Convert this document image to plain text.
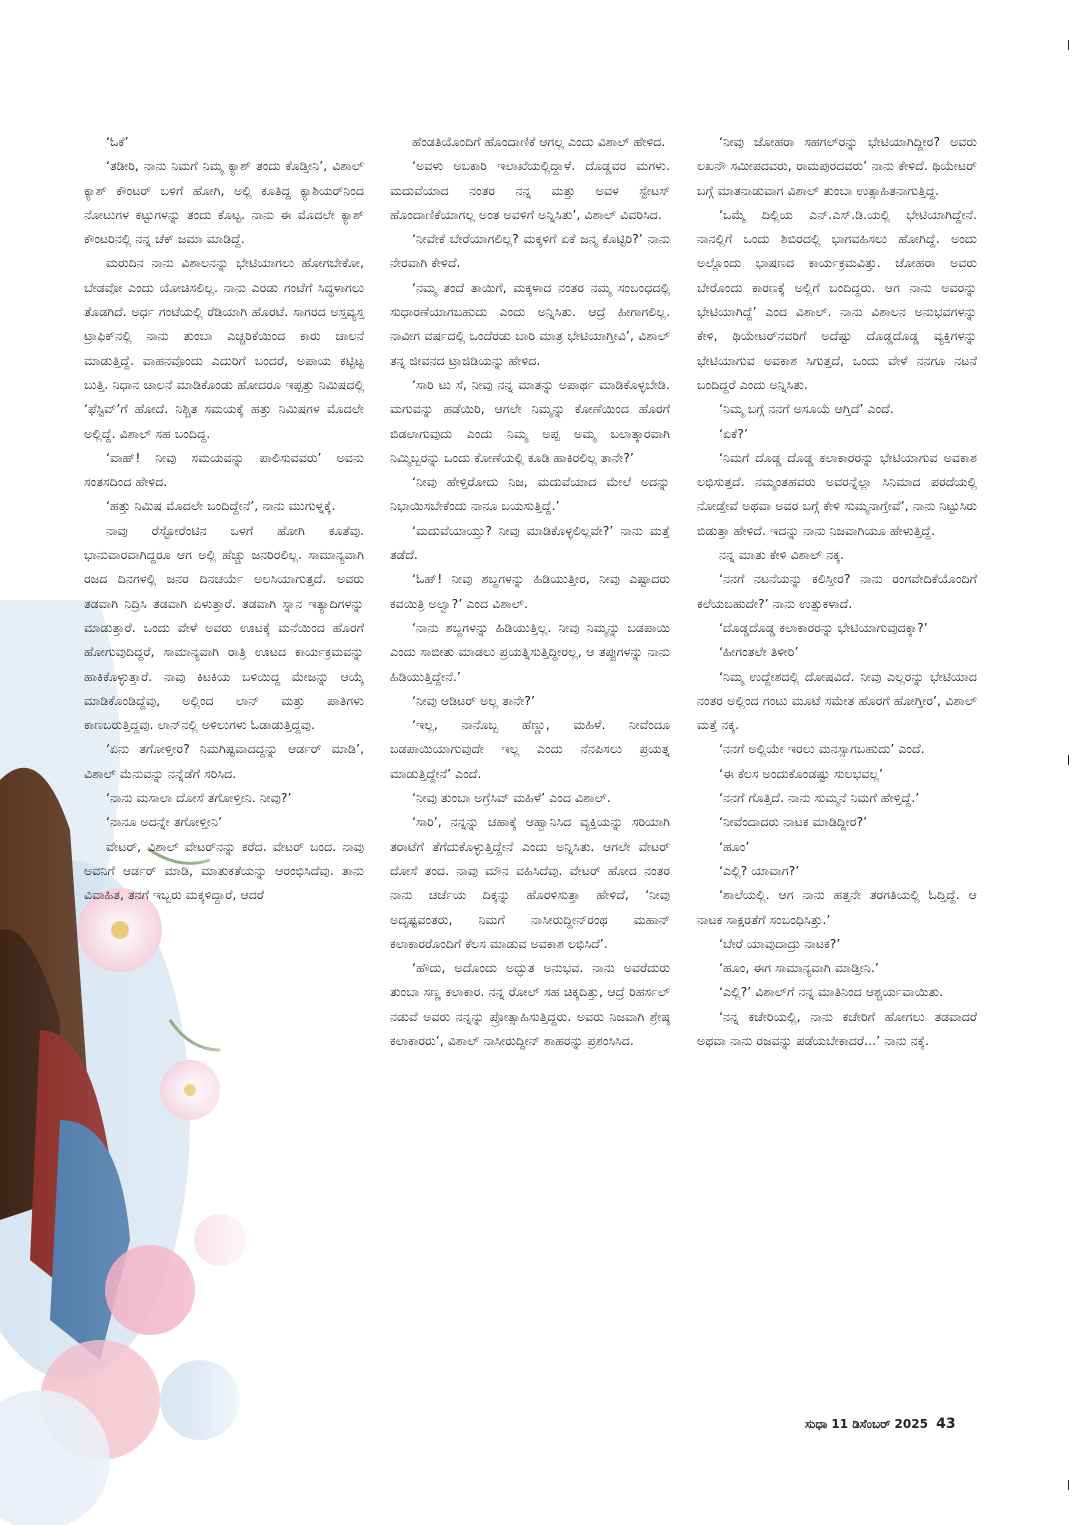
‘ಓಕೆ’

‘ತಡೀರಿ, ನಾನು ನಿಮಗೆ ನಿಮ್ಮ ಕ್ಯಾಶ್ ತಂದು ಕೊಡ್ತೀನಿ’, ವಿಶಾಲ್ ಕ್ಯಾಶ್ ಕೌಂಟರ್ ಬಳಿಗೆ ಹೋಗಿ, ಅಲ್ಲಿ ಕೂತಿದ್ದ ಕ್ಯಾಶಿಯರ್‌ನಿಂದ ನೋಟುಗಳ ಕಟ್ಟುಗಳನ್ನು ತಂದು ಕೊಟ್ಟ. ನಾನು ಈ ಮೊದಲೇ ಕ್ಯಾಶ್ ಕೌಂಟರಿನಲ್ಲಿ ನನ್ನ ಚೆಕ್ ಜಮಾ ಮಾಡಿದ್ದೆ.

ಮರುದಿನ ನಾನು ವಿಶಾಲನನ್ನು ಭೇಟಿಯಾಗಲು ಹೋಗಬೇಕೋ, ಬೇಡವೋ ಎಂದು ಯೋಚಿಸಲಿಲ್ಲ. ನಾನು ಎರಡು ಗಂಟೆಗೆ ಸಿದ್ಧಳಾಗಲು ತೊಡಗಿದೆ. ಅರ್ಧ ಗಂಟೆಯಲ್ಲಿ ರೆಡಿಯಾಗಿ ಹೊರಟೆ. ಸಾಗರದ ಅಸ್ತವ್ಯಸ್ತ ಟ್ರಾಫಿಕ್‌ನಲ್ಲಿ ನಾನು ತುಂಬಾ ಎಚ್ಚರಿಕೆಯಿಂದ ಕಾರು ಚಾಲನೆ ಮಾಡುತ್ತಿದ್ದೆ. ವಾಹನವೊಂದು ಎದುರಿಗೆ ಬಂದರೆ, ಅಪಾಯ ಕಟ್ಟಿಟ್ಟ ಬುತ್ತಿ. ನಿಧಾನ ಚಾಲನೆ ಮಾಡಿಕೊಂಡು ಹೋದರೂ ಇಪ್ಪತ್ತು ನಿಮಿಷದಲ್ಲಿ ‘ಫೆಸ್ಟಿವ್’ಗೆ ಹೋದೆ. ನಿಶ್ಚಿತ ಸಮಯಕ್ಕೆ ಹತ್ತು ನಿಮಿಷಗಳ ಮೊದಲೇ ಅಲ್ಲಿದ್ದೆ. ವಿಶಾಲ್ ಸಹ ಬಂದಿದ್ದ.

‘ವಾಹ್! ನೀವು ಸಮಯವನ್ನು ಪಾಲಿಸುವವರು’ ಅವನು ಸಂತಸದಿಂದ ಹೇಳಿದ.

‘ಹತ್ತು ನಿಮಿಷ ಮೊದಲೇ ಬಂದಿದ್ದೇನೆ’, ನಾನು ಮುಗುಳ್ನಕ್ಕೆ.

ನಾವು ರೆಸ್ಟೋರೆಂಟಿನ ಒಳಗೆ ಹೋಗಿ ಕೂತೆವು. ಭಾನುವಾರವಾಗಿದ್ದರೂ ಆಗ ಅಲ್ಲಿ ಹೆಚ್ಚು ಜನರಿರಲಿಲ್ಲ. ಸಾಮಾನ್ಯವಾಗಿ ರಜದ ದಿನಗಳಲ್ಲಿ ಜನರ ದಿನಚರ್ಯೆ ಅಲಸಿಯಾಗುತ್ತದೆ. ಅವರು ತಡವಾಗಿ ನಿದ್ರಿಸಿ ತಡವಾಗಿ ಏಳುತ್ತಾರೆ. ತಡವಾಗಿ ಸ್ನಾನ ಇತ್ಯಾದಿಗಳನ್ನು ಮಾಡುತ್ತಾರೆ. ಒಂದು ವೇಳೆ ಅವರು ಊಟಕ್ಕೆ ಮನೆಯಿಂದ ಹೊರಗೆ ಹೋಗುವುದಿದ್ದರೆ, ಸಾಮಾನ್ಯವಾಗಿ ರಾತ್ರಿ ಊಟದ ಕಾರ್ಯಕ್ರಮವನ್ನು ಹಾಕಿಕೊಳ್ಳುತ್ತಾರೆ. ನಾವು ಕಿಟಕಿಯ ಬಳಿಯಿದ್ದ ಮೇಜನ್ನು ಆಯ್ಕೆ ಮಾಡಿಕೊಂಡಿದ್ದೆವು, ಅಲ್ಲಿಂದ ಲಾನ್ ಮತ್ತು ಪಾತಿಗಳು ಕಾಣಬರುತ್ತಿದ್ದವು. ಲಾನ್‌ನಲ್ಲಿ ಅಳಿಲುಗಳು ಓಡಾಡುತ್ತಿದ್ದವು.

‘ಏನು ತಗೋಳ್ತೀರ? ನಿಮಗಿಷ್ಟವಾದದ್ದನ್ನು ಆರ್ಡರ್ ಮಾಡಿ’, ವಿಶಾಲ್ ಮೆನುವನ್ನು ನನ್ನೆಡೆಗೆ ಸರಿಸಿದ.

‘ನಾನು ಮಸಾಲಾ ದೋಸೆ ತಗೋಳ್ತೀನಿ. ನೀವು?’

‘ನಾನೂ ಅದನ್ನೇ ತಗೋಳ್ತೀನಿ’

ವೇಟರ್, ವಿಶಾಲ್ ವೇಟರ್‌ನನ್ನು ಕರೆದ. ವೇಟರ್ ಬಂದ. ನಾವು ಅವನಿಗೆ ಆರ್ಡರ್ ಮಾಡಿ, ಮಾತುಕತೆಯನ್ನು ಆರಂಭಿಸಿದೆವು. ತಾನು ವಿವಾಹಿತ, ತನಗೆ ಇಬ್ಬರು ಮಕ್ಕಳಿದ್ದಾರೆ, ಆದರೆ

ಹೆಂಡತಿಯೊಂದಿಗೆ ಹೊಂದಾಣಿಕೆ ಆಗಲ್ಲ ಎಂದು ವಿಶಾಲ್ ಹೇಳಿದ.

‘ಅವಳು ಅಬಕಾರಿ ಇಲಾಖೆಯಲ್ಲಿದ್ದಾಳೆ. ದೊಡ್ಡವರ ಮಗಳು. ಮದುವೆಯಾದ ನಂತರ ನನ್ನ ಮತ್ತು ಅವಳ ಸ್ಟೇಟಸ್ ಹೊಂದಾಣಿಕೆಯಾಗಲ್ಲ ಅಂತ ಅವಳಿಗೆ ಅನ್ನಿಸಿತು’, ವಿಶಾಲ್ ವಿವರಿಸಿದ.

‘ನೀವೇಕೆ ಬೇರೆಯಾಗಲಿಲ್ಲ? ಮಕ್ಕಳಿಗೆ ಏಕೆ ಜನ್ಮ ಕೊಟ್ಟಿರಿ?’ ನಾನು ನೇರವಾಗಿ ಕೇಳಿದೆ.

‘ನಮ್ಮ ತಂದೆ ತಾಯಿಗೆ, ಮಕ್ಕಳಾದ ನಂತರ ನಮ್ಮ ಸಂಬಂಧದಲ್ಲಿ ಸುಧಾರಣೆಯಾಗಬಹುದು ಎಂದು ಅನ್ನಿಸಿತು. ಆದ್ರೆ ಹೀಗಾಗಲಿಲ್ಲ. ನಾವೀಗ ವರ್ಷದಲ್ಲಿ ಒಂದೆರಡು ಬಾರಿ ಮಾತ್ರ ಭೇಟಿಯಾಗ್ತೀವಿ’, ವಿಶಾಲ್ ತನ್ನ ಜೀವನದ ಟ್ರಾಜಿಡಿಯನ್ನು ಹೇಳಿದ.

‘ಸಾರಿ ಟು ಸೆ, ನೀವು ನನ್ನ ಮಾತನ್ನು ಅಪಾರ್ಥ ಮಾಡಿಕೊಳ್ಳಬೇಡಿ. ಮಗುವನ್ನು ಹಡೆಯಿರಿ, ಆಗಲೇ ನಿಮ್ಮನ್ನು ಕೋಣೆಯಿಂದ ಹೊರಗೆ ಬಿಡಲಾಗುವುದು ಎಂದು ನಿಮ್ಮ ಅಪ್ಪ ಅಮ್ಮ ಬಲಾತ್ಕಾರವಾಗಿ ನಿಮ್ಮಿಬ್ಬರನ್ನು ಒಂದು ಕೋಣೆಯಲ್ಲಿ ಕೂಡಿ ಹಾಕಿರಲಿಲ್ಲ ತಾನೇ?’

‘ನೀವು ಹೇಳ್ತಿರೋದು ನಿಜ, ಮದುವೆಯಾದ ಮೇಲೆ ಅದನ್ನು ನಿಭಾಯಿಸಬೇಕೆಂದು ನಾನೂ ಬಯಸುತ್ತಿದ್ದೆ.’

‘ಮದುವೆಯಾಯ್ತು? ನೀವು ಮಾಡಿಕೊಳ್ಳಲಿಲ್ಲವೇ?’ ನಾನು ಮತ್ತೆ ತಡೆದೆ.

‘ಓಹ್! ನೀವು ಶಬ್ದಗಳನ್ನು ಹಿಡಿಯುತ್ತೀರ, ನೀವು ಎಷ್ಟಾದರು ಕವಯಿತ್ರಿ ಅಲ್ವಾ?’ ಎಂದ ವಿಶಾಲ್.

‘ನಾನು ಶಬ್ದಗಳನ್ನು ಹಿಡಿಯುತ್ತಿಲ್ಲ. ನೀವು ನಿಮ್ಮನ್ನು ಬಡಪಾಯಿ ಎಂದು ಸಾಬೀತು ಮಾಡಲು ಪ್ರಯತ್ನಿಸುತ್ತಿದ್ದೀರಲ್ಲ, ಆ ತಪ್ಪುಗಳನ್ನು ನಾನು ಹಿಡಿಯುತ್ತಿದ್ದೇನೆ.’

‘ನೀವು ಆಡಿಟರ್ ಅಲ್ಲ ತಾನೇ?’

‘ಇಲ್ಲ, ನಾನೊಬ್ಬ ಹೆಣ್ಣು, ಮಹಿಳೆ. ನೀವೆಂದೂ ಬಡಪಾಯಿಯಾಗುವುದೇ ಇಲ್ಲ ಎಂದು ನೆನಪಿಸಲು ಪ್ರಯತ್ನ ಮಾಡುತ್ತಿದ್ದೇನೆ’ ಎಂದೆ.

‘ನೀವು ತುಂಬಾ ಅಗ್ರೆಸಿವ್ ಮಹಿಳೆ’ ಎಂದ ವಿಶಾಲ್.

‘ಸಾರಿ’, ನನ್ನನ್ನು ಚಹಾಕ್ಕೆ ಆಹ್ವಾನಿಸಿದ ವ್ಯಕ್ತಿಯನ್ನು ಸರಿಯಾಗಿ ತರಾಟೆಗೆ ತೆಗೆದುಕೊಳ್ಳುತ್ತಿದ್ದೇನೆ ಎಂದು ಅನ್ನಿಸಿತು. ಆಗಲೇ ವೇಟರ್ ದೋಸೆ ತಂದ. ನಾವು ಮೌನ ವಹಿಸಿದೆವು. ವೇಟರ್ ಹೋದ ನಂತರ ನಾನು ಚರ್ಚೆಯ ದಿಕ್ಕನ್ನು ಹೊರಳಿಸುತ್ತಾ ಹೇಳಿದೆ, ‘ನೀವು ಅದೃಷ್ಟವಂತರು, ನಿಮಗೆ ನಾಸೀರುದ್ದೀನ್‌ರಂಥ ಮಹಾನ್ ಕಲಾಕಾರರೊಂದಿಗೆ ಕೆಲಸ ಮಾಡುವ ಅವಕಾಶ ಲಭಿಸಿದೆ’.

‘ಹೌದು, ಅದೊಂದು ಅದ್ಭುತ ಅನುಭವ. ನಾನು ಅವರೆದುರು ತುಂಬಾ ಸಣ್ಣ ಕಲಾಕಾರ. ನನ್ನ ರೋಲ್ ಸಹ ಚಿಕ್ಕದಿತ್ತು, ಆದ್ರೆ ರಿಹರ್ಸಲ್ ನಡುವೆ ಅವರು ನನ್ನನ್ನು ಪ್ರೋತ್ಸಾಹಿಸುತ್ತಿದ್ದರು. ಅವರು ನಿಜವಾಗಿ ಶ್ರೇಷ್ಠ ಕಲಾಕಾರರು’, ವಿಶಾಲ್ ನಾಸೀರುದ್ದೀನ್ ಶಾಹರನ್ನು ಪ್ರಶಂಸಿಸಿದ.

‘ನೀವು ಜೋಹರಾ ಸಹಗಲ್‌ರನ್ನು ಭೇಟಿಯಾಗಿದ್ದೀರ? ಅವರು ಲಖನೌ ಸಮೀಪದವರು, ರಾಮಪುರದವರು’ ನಾನು ಕೇಳಿದೆ. ಥಿಯೇಟರ್ ಬಗ್ಗೆ ಮಾತನಾಡುವಾಗ ವಿಶಾಲ್ ತುಂಬಾ ಉತ್ಸಾಹಿತನಾಗುತ್ತಿದ್ದ.

‘ಒಮ್ಮೆ ದಿಲ್ಲಿಯ ಎನ್.ಎಸ್.ಡಿ.ಯಲ್ಲಿ ಭೇಟಿಯಾಗಿದ್ದೇನೆ. ನಾನಲ್ಲಿಗೆ ಒಂದು ಶಿಬಿರದಲ್ಲಿ ಭಾಗವಹಿಸಲು ಹೋಗಿದ್ದೆ. ಅಂದು ಅಲ್ಲೊಂದು ಭಾಷಣದ ಕಾರ್ಯಕ್ರಮವಿತ್ತು. ಜೋಹರಾ ಅವರು ಬೇರೊಂದು ಕಾರಣಕ್ಕೆ ಅಲ್ಲಿಗೆ ಬಂದಿದ್ದರು. ಆಗ ನಾನು ಅವರನ್ನು ಭೇಟಿಯಾಗಿದ್ದೆ’ ಎಂದ ವಿಶಾಲ್. ನಾನು ವಿಶಾಲನ ಅನುಭವಗಳನ್ನು ಕೇಳಿ, ಥಿಯೇಟರ್‌ನವರಿಗೆ ಅದೆಷ್ಟು ದೊಡ್ಡದೊಡ್ಡ ವ್ಯಕ್ತಿಗಳನ್ನು ಭೇಟಿಯಾಗುವ ಅವಕಾಶ ಸಿಗುತ್ತದೆ, ಒಂದು ವೇಳೆ ನನಗೂ ನಟನೆ ಬಂದಿದ್ದರೆ ಎಂದು ಅನ್ನಿಸಿತು.

‘ನಿಮ್ಮ ಬಗ್ಗೆ ನನಗೆ ಅಸೂಯೆ ಆಗ್ತಿದೆ’ ಎಂದೆ.

‘ಏಕೆ?’

‘ನಿಮಗೆ ದೊಡ್ಡ ದೊಡ್ಡ ಕಲಾಕಾರರನ್ನು ಭೇಟಿಯಾಗುವ ಅವಕಾಶ ಲಭಿಸುತ್ತದೆ. ನಮ್ಮಂತಹವರು ಅವರನ್ನೆಲ್ಲಾ ಸಿನಿಮಾದ ಪರದೆಯಲ್ಲಿ ನೋಡ್ತೇವೆ ಅಥವಾ ಅವರ ಬಗ್ಗೆ ಕೇಳಿ ಸುಮ್ಮನಾಗ್ತೇವೆ’, ನಾನು ನಿಟ್ಟುಸಿರು ಬಿಡುತ್ತಾ ಹೇಳಿದೆ. ಇದನ್ನು ನಾನು ನಿಜವಾಗಿಯೂ ಹೇಳುತ್ತಿದ್ದೆ.

ನನ್ನ ಮಾತು ಕೇಳಿ ವಿಶಾಲ್ ನಕ್ಕ.

‘ನನಗೆ ನಟನೆಯನ್ನು ಕಲಿಸ್ತೀರ? ನಾನು ರಂಗವೇದಿಕೆಯೊಂದಿಗೆ ಕಲೆಯಬಹುದೇ?’ ನಾನು ಉತ್ಸುಕಳಾದೆ.

‘ದೊಡ್ಡದೊಡ್ಡ ಕಲಾಕಾರರನ್ನು ಭೇಟಿಯಾಗುವುದಕ್ಕಾ?’

‘ಹೀಗಂತಲೇ ತಿಳೀರಿ’

‘ನಿಮ್ಮ ಉದ್ದೇಶದಲ್ಲಿ ದೋಷವಿದೆ. ನೀವು ಎಲ್ಲರನ್ನು ಭೇಟಿಯಾದ ನಂತರ ಅಲ್ಲಿಂದ ಗಂಟು ಮೂಟೆ ಸಮೇತ ಹೊರಗೆ ಹೋಗ್ತೀರ’, ವಿಶಾಲ್ ಮತ್ತೆ ನಕ್ಕ.

‘ನನಗೆ ಅಲ್ಲಿಯೇ ಇರಲು ಮನಸ್ಸಾಗಬಹುದು’ ಎಂದೆ.

‘ಈ ಕೆಲಸ ಅಂದುಕೊಂಡಷ್ಟು ಸುಲಭವಲ್ಲ’

‘ನನಗೆ ಗೊತ್ತಿದೆ. ನಾನು ಸುಮ್ಮನೆ ನಿಮಗೆ ಹೇಳ್ತಿದ್ದೆ.’

‘ನೀವೆಂದಾದರು ನಾಟಕ ಮಾಡಿದ್ದೀರ?’

‘ಹೂಂ’

‘ಎಲ್ಲಿ? ಯಾವಾಗ?’

‘ಶಾಲೆಯಲ್ಲಿ. ಆಗ ನಾನು ಹತ್ತನೇ ತರಗತಿಯಲ್ಲಿ ಓದ್ತಿದ್ದೆ. ಆ ನಾಟಕ ಸಾಕ್ಷರತೆಗೆ ಸಂಬಂಧಿಸಿತ್ತು.’

‘ಬೇರೆ ಯಾವುದಾದ್ರು ನಾಟಕ?’

‘ಹೂಂ, ಈಗ ಸಾಮಾನ್ಯವಾಗಿ ಮಾಡ್ತೀನಿ.’

‘ಎಲ್ಲಿ?’ ವಿಶಾಲ್‌ಗೆ ನನ್ನ ಮಾತಿನಿಂದ ಆಶ್ಚರ್ಯವಾಯಿತು.

‘ನನ್ನ ಕಚೇರಿಯಲ್ಲಿ, ನಾನು ಕಚೇರಿಗೆ ಹೋಗಲು ತಡವಾದರೆ ಅಥವಾ ನಾನು ರಜವನ್ನು ಪಡೆಯಬೇಕಾದರೆ...’ ನಾನು ನಕ್ಕೆ.

ಸುಧಾ 11 ಡಿಸೆಂಬರ್ 2025 43
